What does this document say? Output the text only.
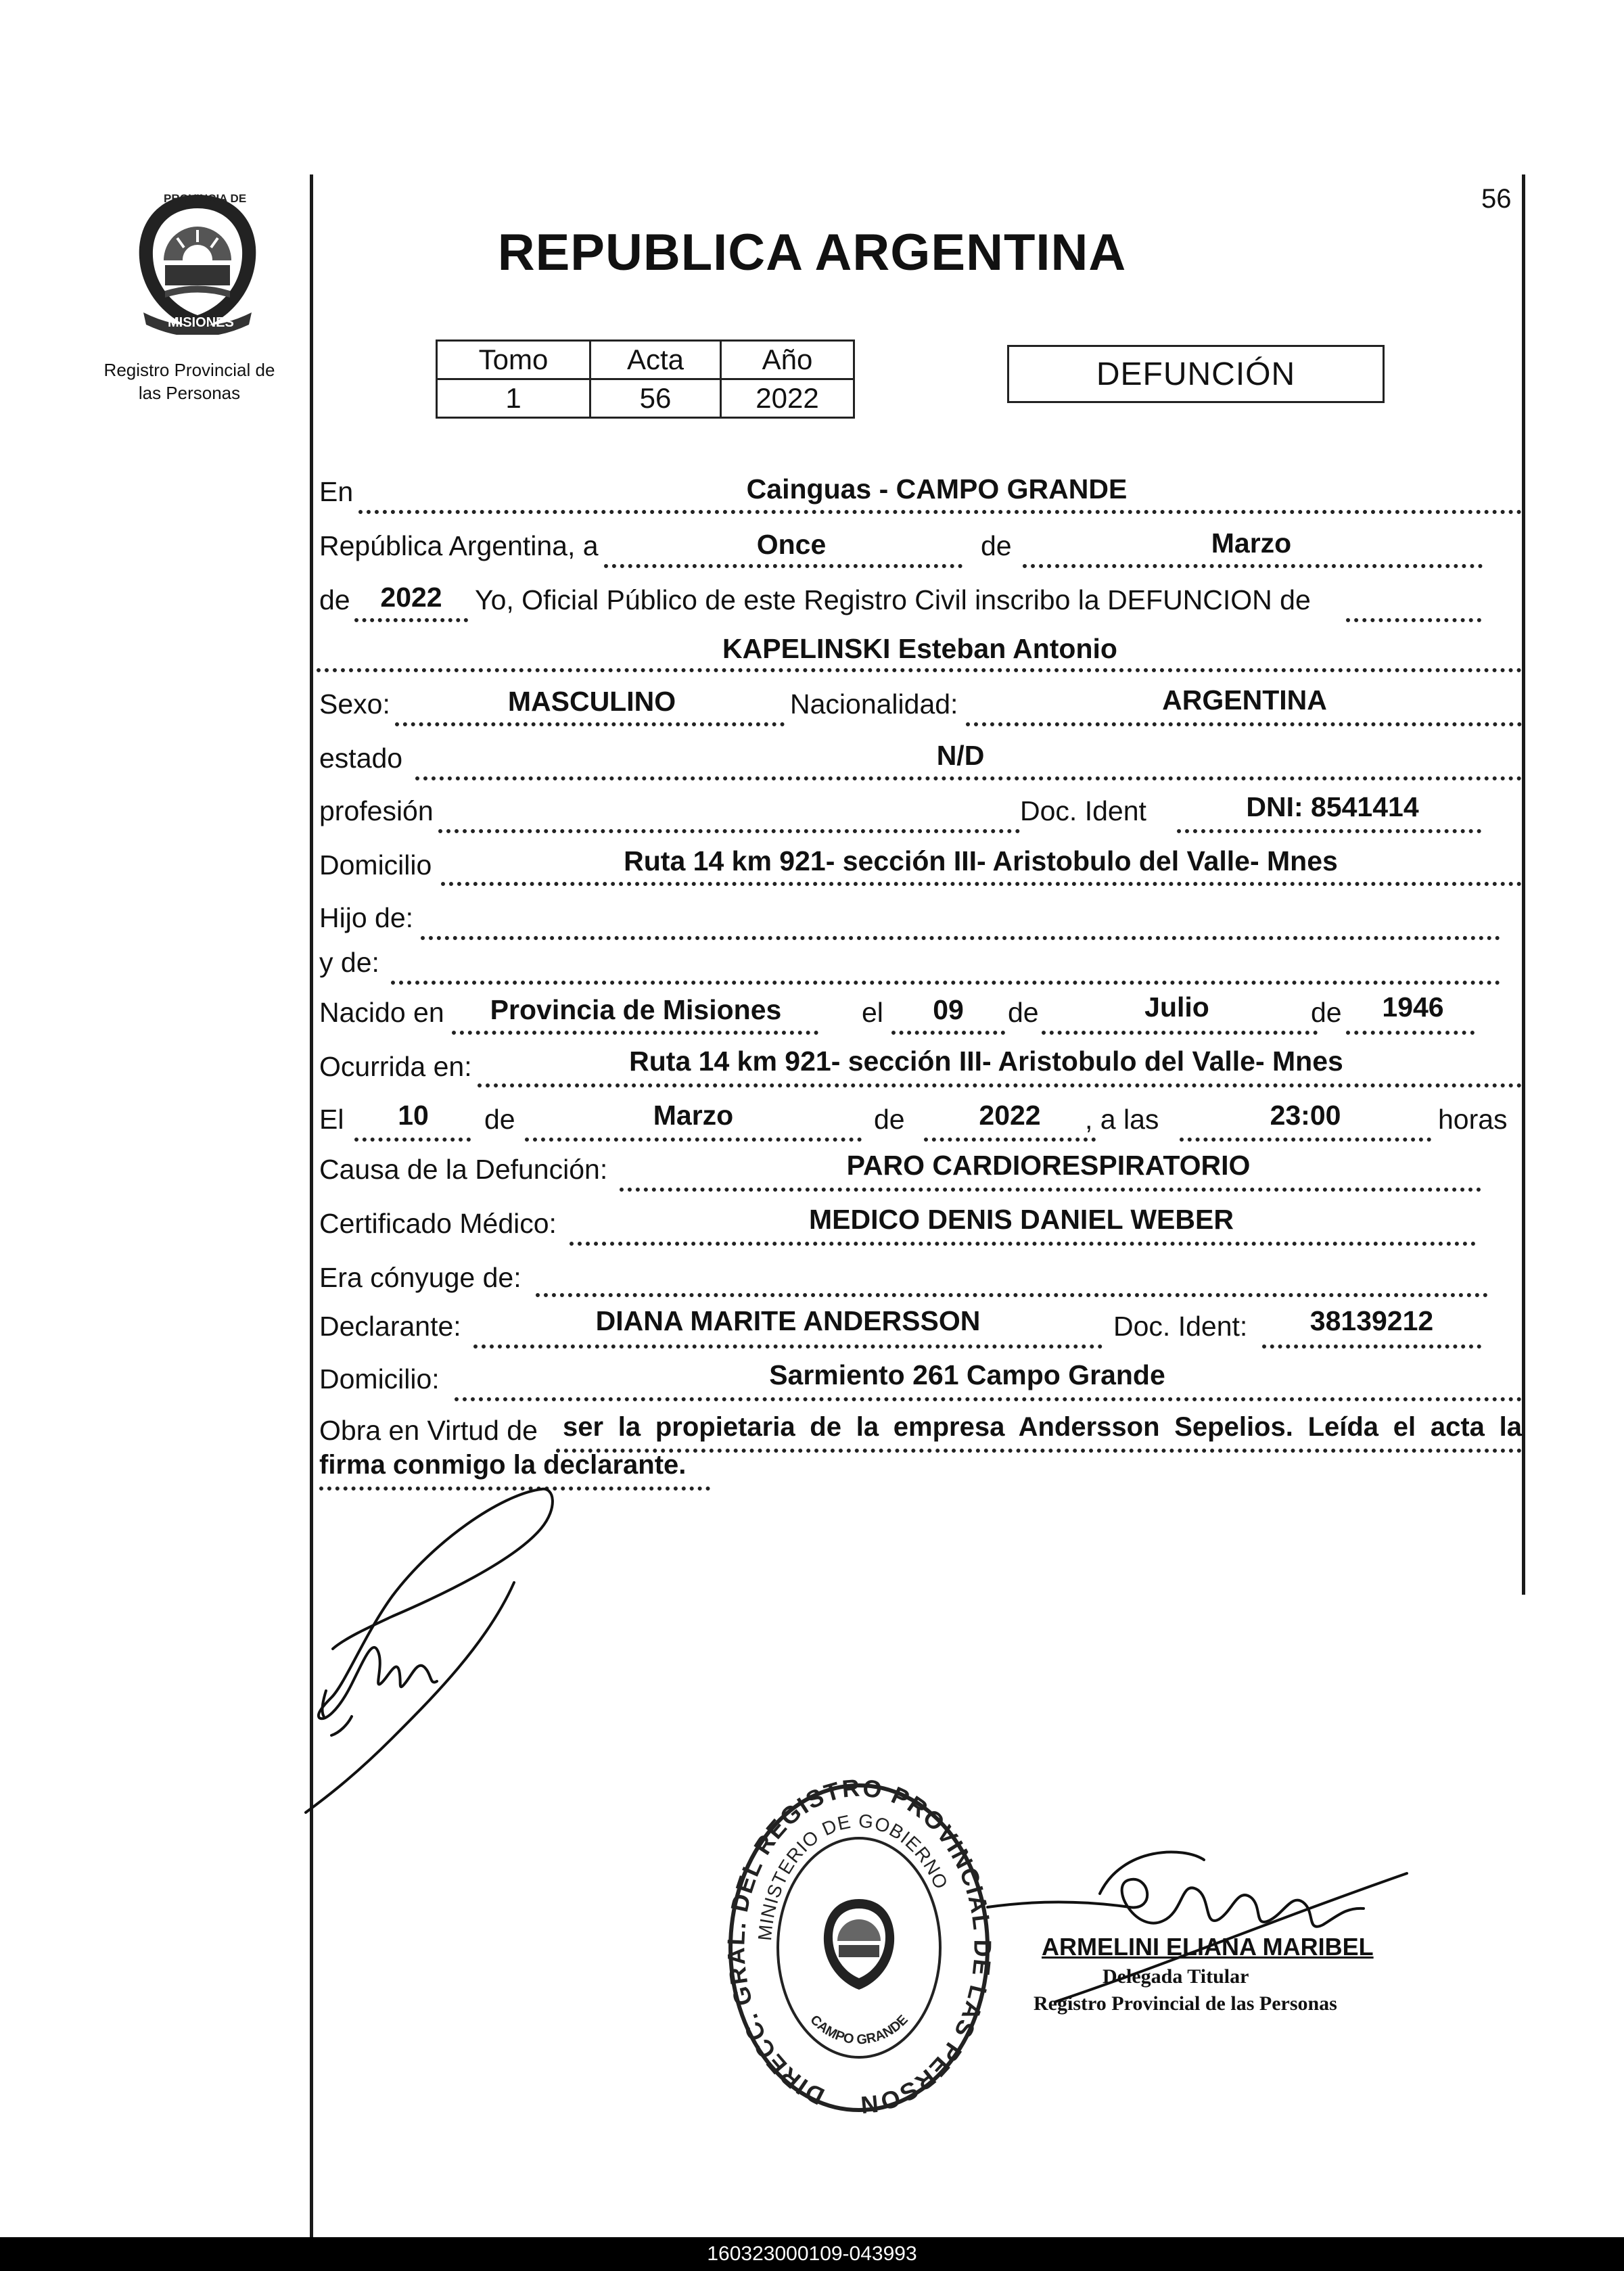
56
PROVINCIA DE
MISIONES
Registro Provincial de
las Personas
REPUBLICA ARGENTINA
Tomo	Acta	Año
1	56	2022
DEFUNCIÓN
En	Cainguas - CAMPO GRANDE
República Argentina, a	Once	de	Marzo
de	2022	Yo, Oficial Público de este Registro Civil inscribo la DEFUNCION de
KAPELINSKI Esteban Antonio
Sexo:	MASCULINO	Nacionalidad:	ARGENTINA
estado	N/D
profesión	Doc. Ident	DNI: 8541414
Domicilio	Ruta 14 km 921- sección III- Aristobulo del Valle- Mnes
Hijo de:
y de:
Nacido en	Provincia de Misiones	el	09	de	Julio	de	1946
Ocurrida en:	Ruta 14 km 921- sección III- Aristobulo del Valle- Mnes
El	10	de	Marzo	de	2022	, a las	23:00	horas
Causa de la Defunción:	PARO CARDIORESPIRATORIO
Certificado Médico:	MEDICO DENIS DANIEL WEBER
Era cónyuge de:
Declarante:	DIANA MARITE ANDERSSON	Doc. Ident:	38139212
Domicilio:	Sarmiento 261 Campo Grande
Obra en Virtud de ser la propietaria de la empresa Andersson Sepelios. Leída el acta la
firma conmigo la declarante.
DIRECC. GRAL. DEL REGISTRO PROVINCIAL DE LAS PERSON
MINISTERIO DE GOBIERNO
CAMPO GRANDE
ARMELINI ELIANA MARIBEL
Delegada Titular
Registro Provincial de las Personas
160323000109-043993
